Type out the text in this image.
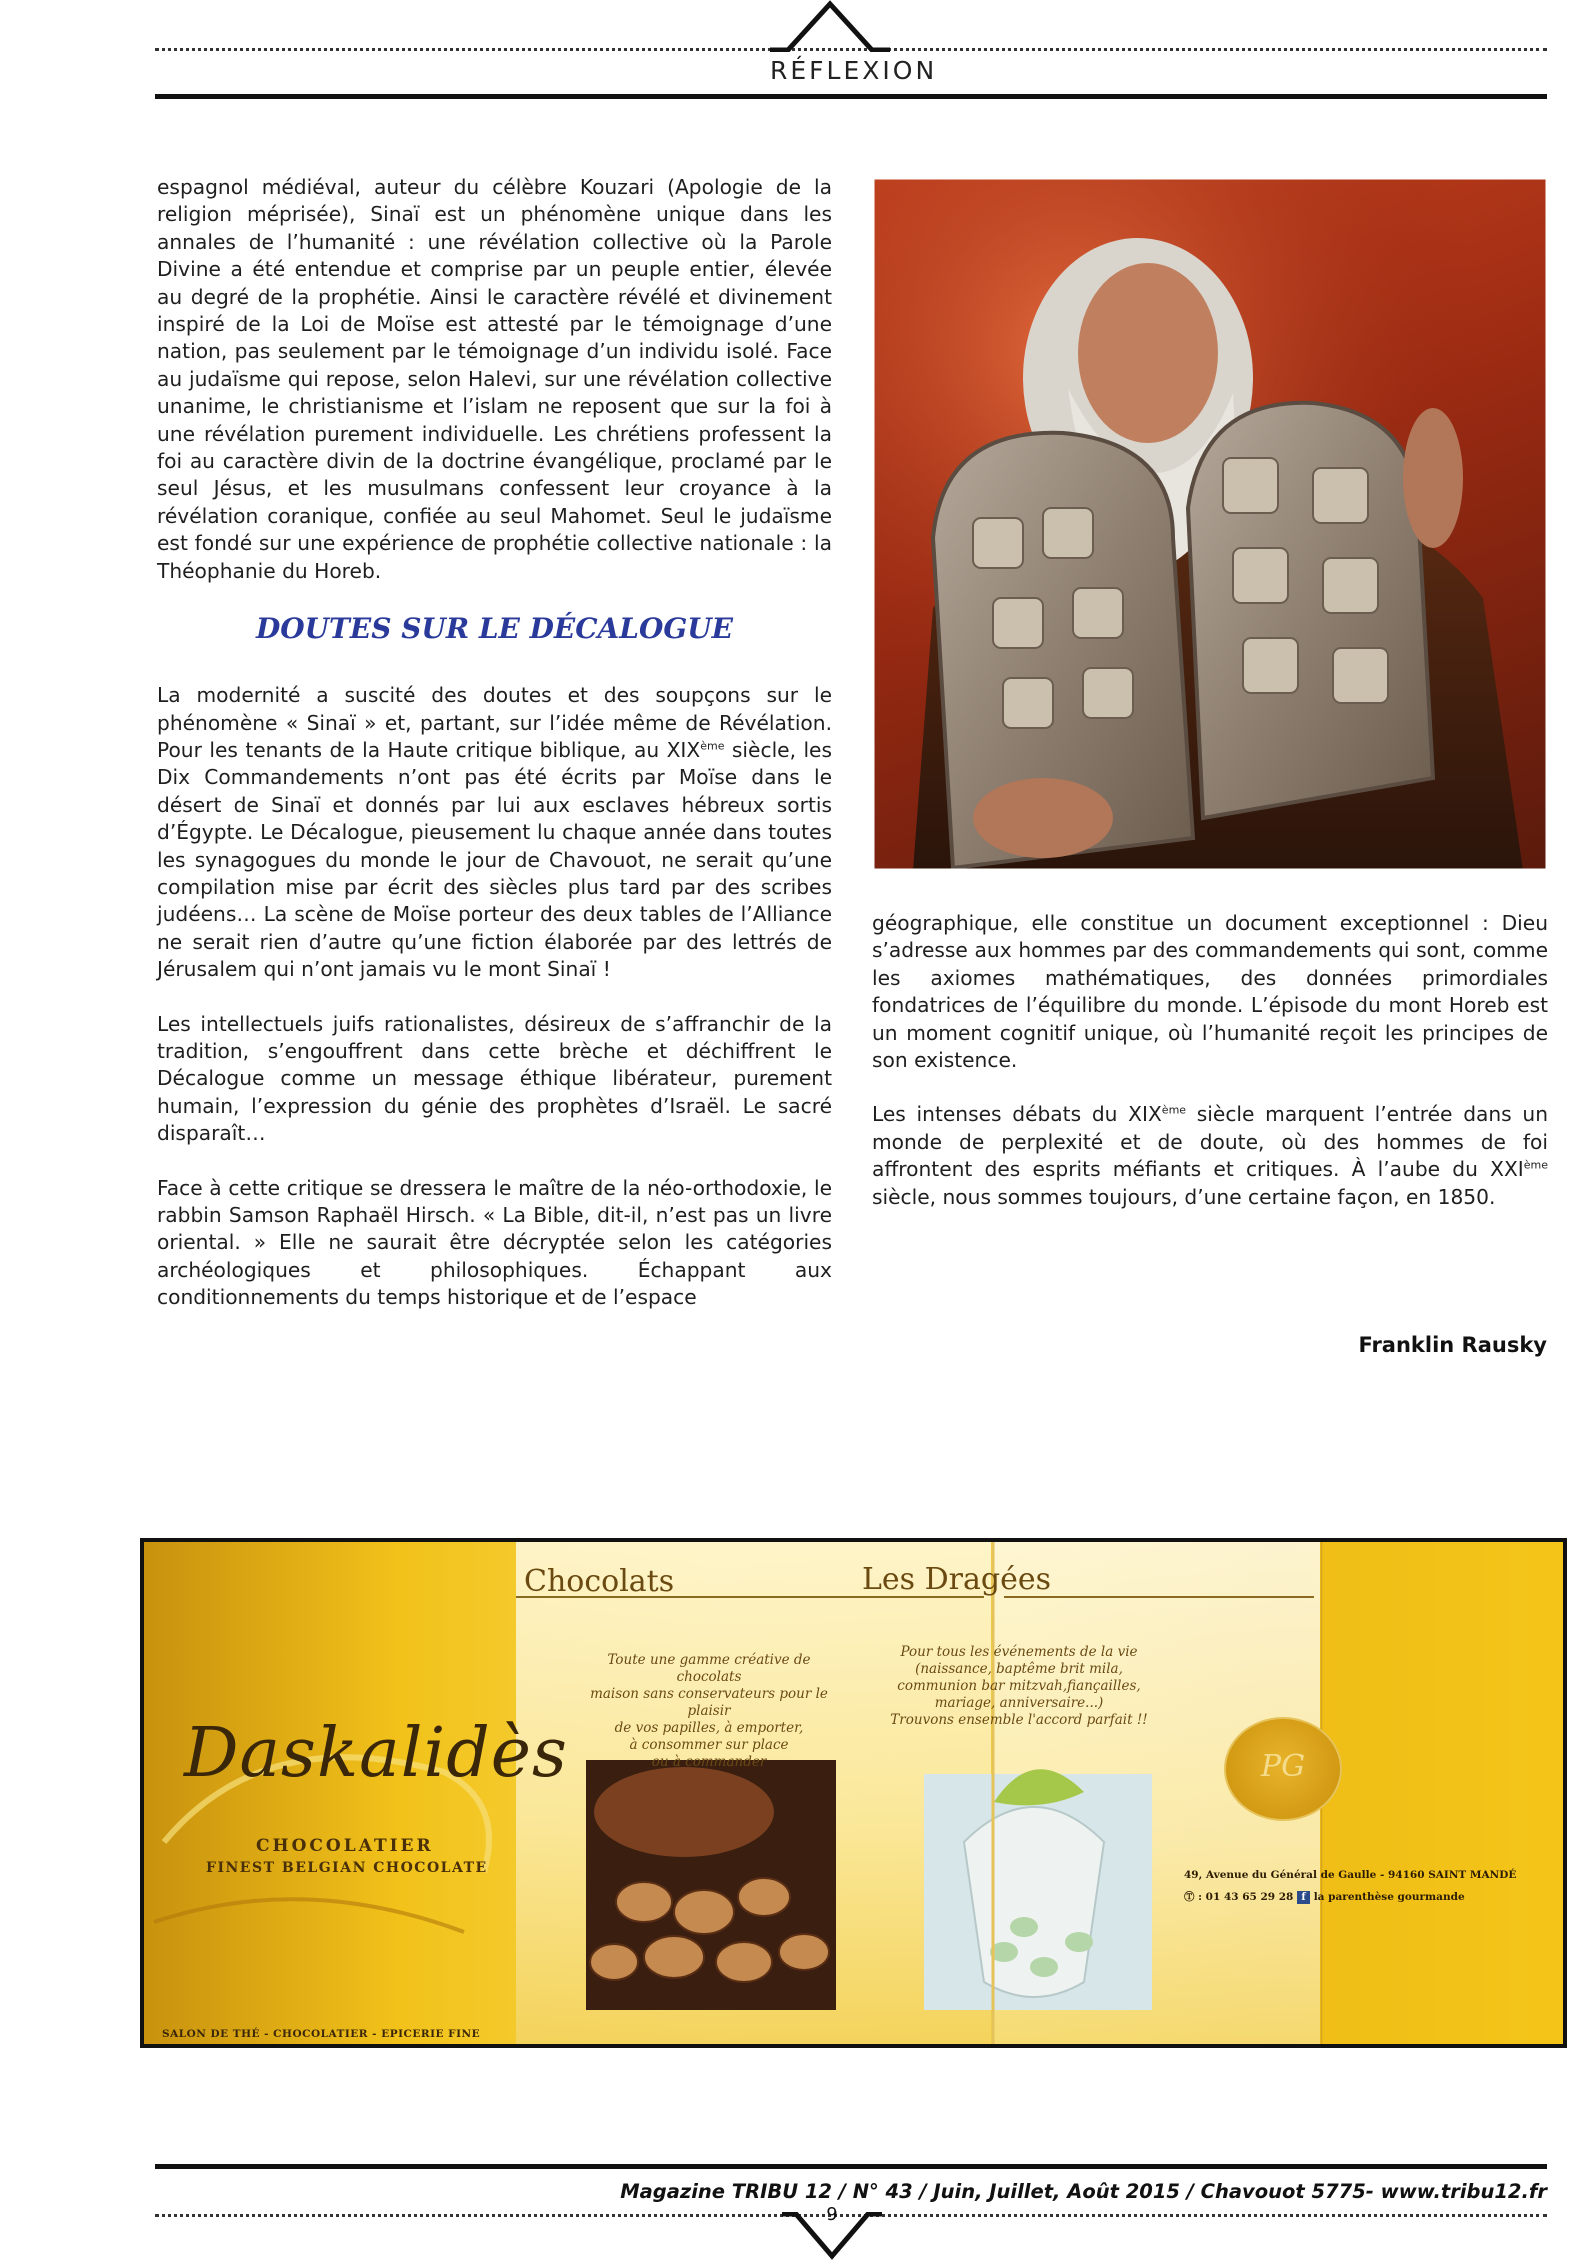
RÉFLEXION

espagnol médiéval, auteur du célèbre Kouzari (Apologie de la religion méprisée), Sinaï est un phénomène unique dans les annales de l’humanité : une révélation collective où la Parole Divine a été entendue et comprise par un peuple entier, élevée au degré de la prophétie. Ainsi le caractère révélé et divinement inspiré de la Loi de Moïse est attesté par le témoignage d’une nation, pas seulement par le témoignage d’un individu isolé. Face au judaïsme qui repose, selon Halevi, sur une révélation collective unanime, le christianisme et l’islam ne reposent que sur la foi à une révélation purement individuelle. Les chrétiens professent la foi au caractère divin de la doctrine évangélique, proclamé par le seul Jésus, et les musulmans confessent leur croyance à la révélation coranique, confiée au seul Mahomet. Seul le judaïsme est fondé sur une expérience de prophétie collective nationale : la Théophanie du Horeb.

DOUTES SUR LE DÉCALOGUE

La modernité a suscité des doutes et des soupçons sur le phénomène « Sinaï » et, partant, sur l’idée même de Révélation. Pour les tenants de la Haute critique biblique, au XIXème siècle, les Dix Commandements n’ont pas été écrits par Moïse dans le désert de Sinaï et donnés par lui aux esclaves hébreux sortis d’Égypte. Le Décalogue, pieusement lu chaque année dans toutes les synagogues du monde le jour de Chavouot, ne serait qu’une compilation mise par écrit des siècles plus tard par des scribes judéens… La scène de Moïse porteur des deux tables de l’Alliance ne serait rien d’autre qu’une fiction élaborée par des lettrés de Jérusalem qui n’ont jamais vu le mont Sinaï !

Les intellectuels juifs rationalistes, désireux de s’affranchir de la tradition, s’engouffrent dans cette brèche et déchiffrent le Décalogue comme un message éthique libérateur, purement humain, l’expression du génie des prophètes d’Israël. Le sacré disparaît…

Face à cette critique se dressera le maître de la néo-orthodoxie, le rabbin Samson Raphaël Hirsch. « La Bible, dit-il, n’est pas un livre oriental. » Elle ne saurait être décryptée selon les catégories archéologiques et philosophiques. Échappant aux conditionnements du temps historique et de l’espace

géographique, elle constitue un document exceptionnel : Dieu s’adresse aux hommes par des commandements qui sont, comme les axiomes mathématiques, des données primordiales fondatrices de l’équilibre du monde. L’épisode du mont Horeb est un moment cognitif unique, où l’humanité reçoit les principes de son existence.

Les intenses débats du XIXème siècle marquent l’entrée dans un monde de perplexité et de doute, où des hommes de foi affrontent des esprits méfiants et critiques. À l’aube du XXIème siècle, nous sommes toujours, d’une certaine façon, en 1850.

Franklin Rausky
Daskalidès
CHOCOLATIER
FINEST BELGIAN CHOCOLATE
SALON DE THÉ - CHOCOLATIER - EPICERIE FINE
Chocolats
Toute une gamme créative de chocolats
maison sans conservateurs pour le plaisir
de vos papilles, à emporter,
à consommer sur place
ou à commander
Les Dragées
Pour tous les événements de la vie
(naissance, baptême brit mila,
communion bar mitzvah,fiançailles,
mariage, anniversaire...)
Trouvons ensemble l'accord parfait !!
PG
49, Avenue du Général de Gaulle - 94160 SAINT MANDÉ
Ⓣ : 01 43 65 29 28 f la parenthèse gourmande
Magazine TRIBU 12 / N° 43 / Juin, Juillet, Août 2015 / Chavouot 5775- www.tribu12.fr
9
